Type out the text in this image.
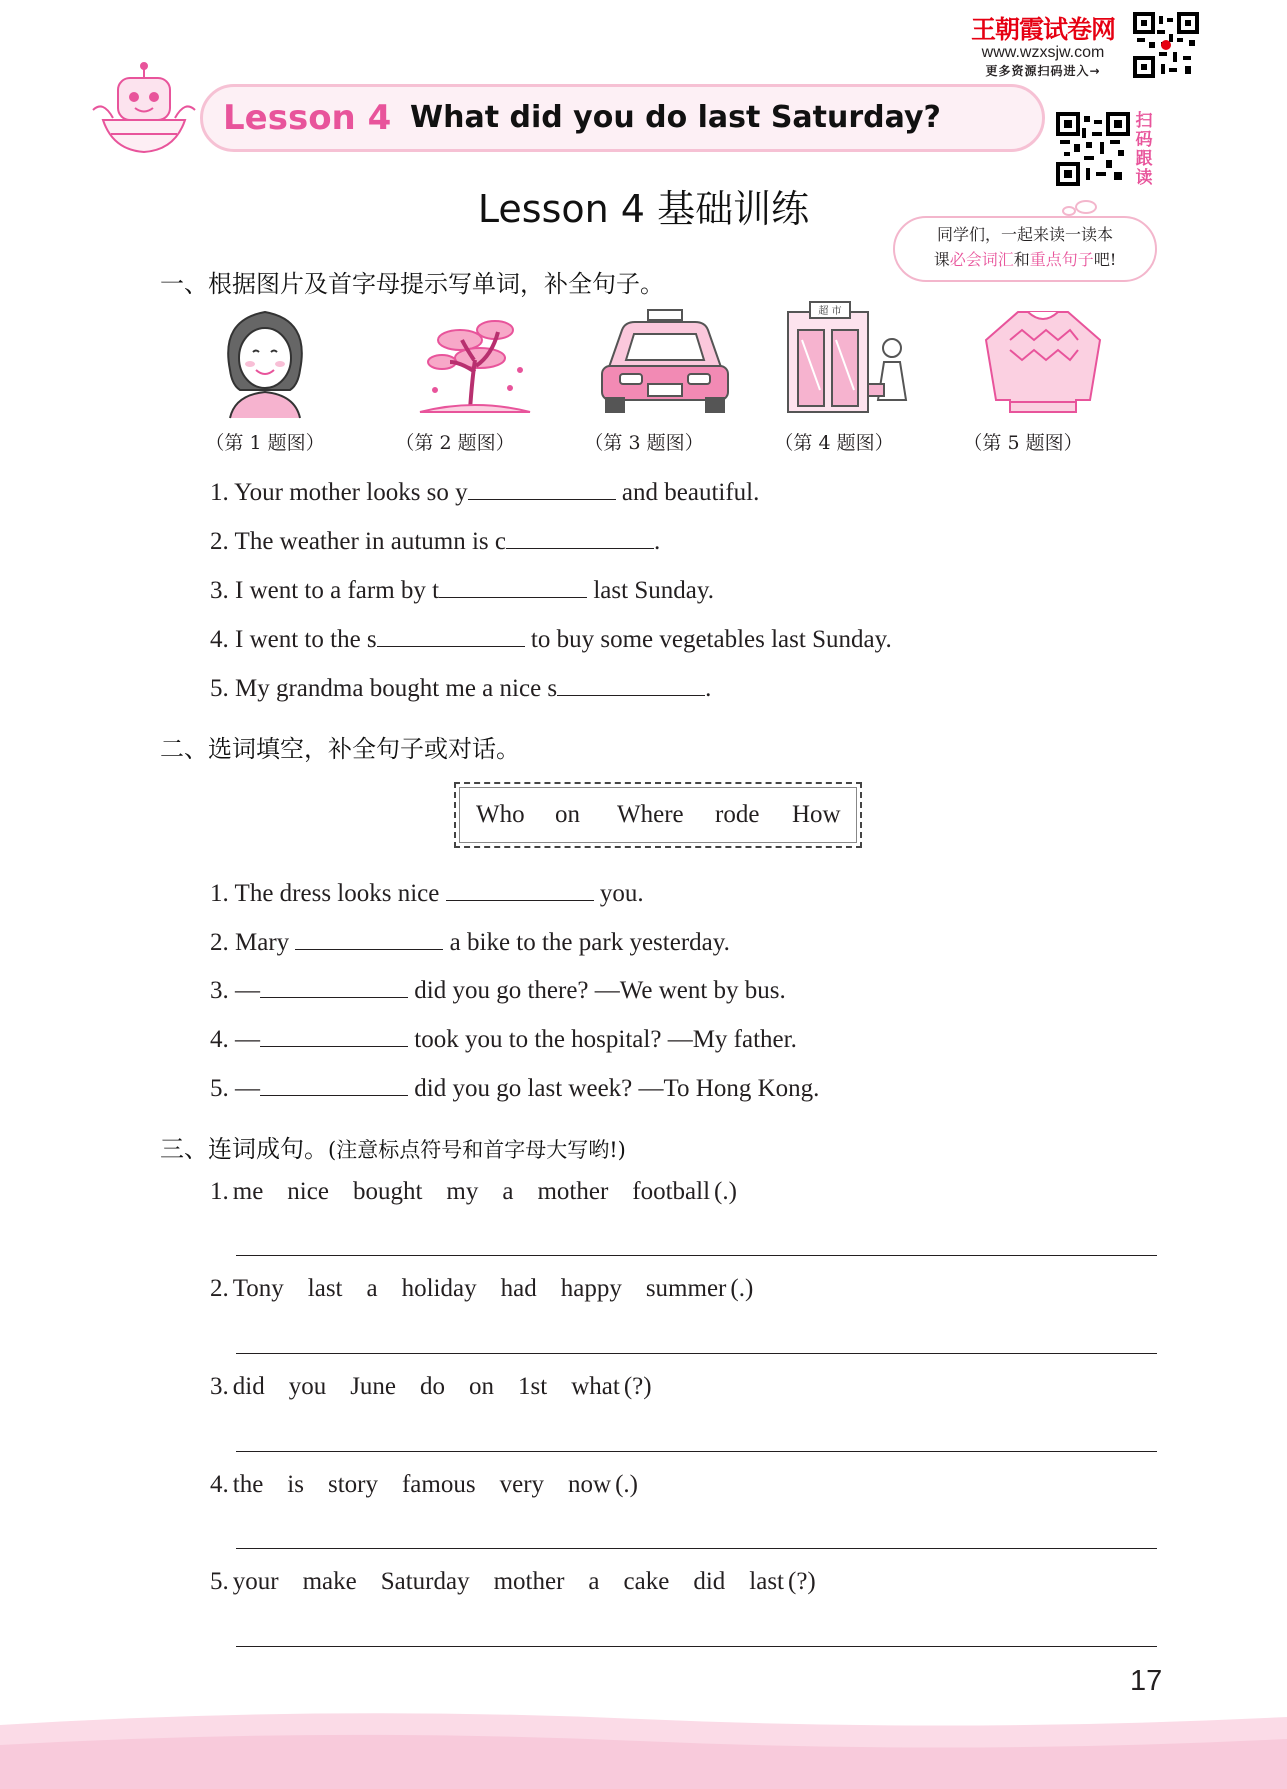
王朝霞试卷网
www.wzxsjw.com
更多资源扫码进入→
Lesson 4 What did you do last Saturday?	扫
码
跟
读
Lesson 4 基础训练
同学们，一起来读一读本
课必会词汇和重点句子吧!
一、根据图片及首字母提示写单词，补全句子。
超 市
（第 1 题图）	（第 2 题图）	（第 3 题图）	（第 4 题图）	（第 5 题图）
1. Your mother looks so y	and beautiful.
2. The weather in autumn is c	.
3. I went to a farm by t	last Sunday.
4. I went to the s	to buy some vegetables last Sunday.
5. My grandma bought me a nice s	.
二、选词填空，补全句子或对话。
Who on Where rode How
1. The dress looks nice	you.
2. Mary	a bike to the park yesterday.
3. —	did you go there? —We went by bus.
4. —	took you to the hospital? —My father.
5. —	did you go last week? —To Hong Kong.
三、连词成句。(注意标点符号和首字母大写哟!)
1. me nice bought my a mother football (.)
2. Tony last a holiday had happy summer (.)
3. did you June do on 1st what (?)
4. the is story famous very now (.)
5. your make Saturday mother a cake did last (?)
17
